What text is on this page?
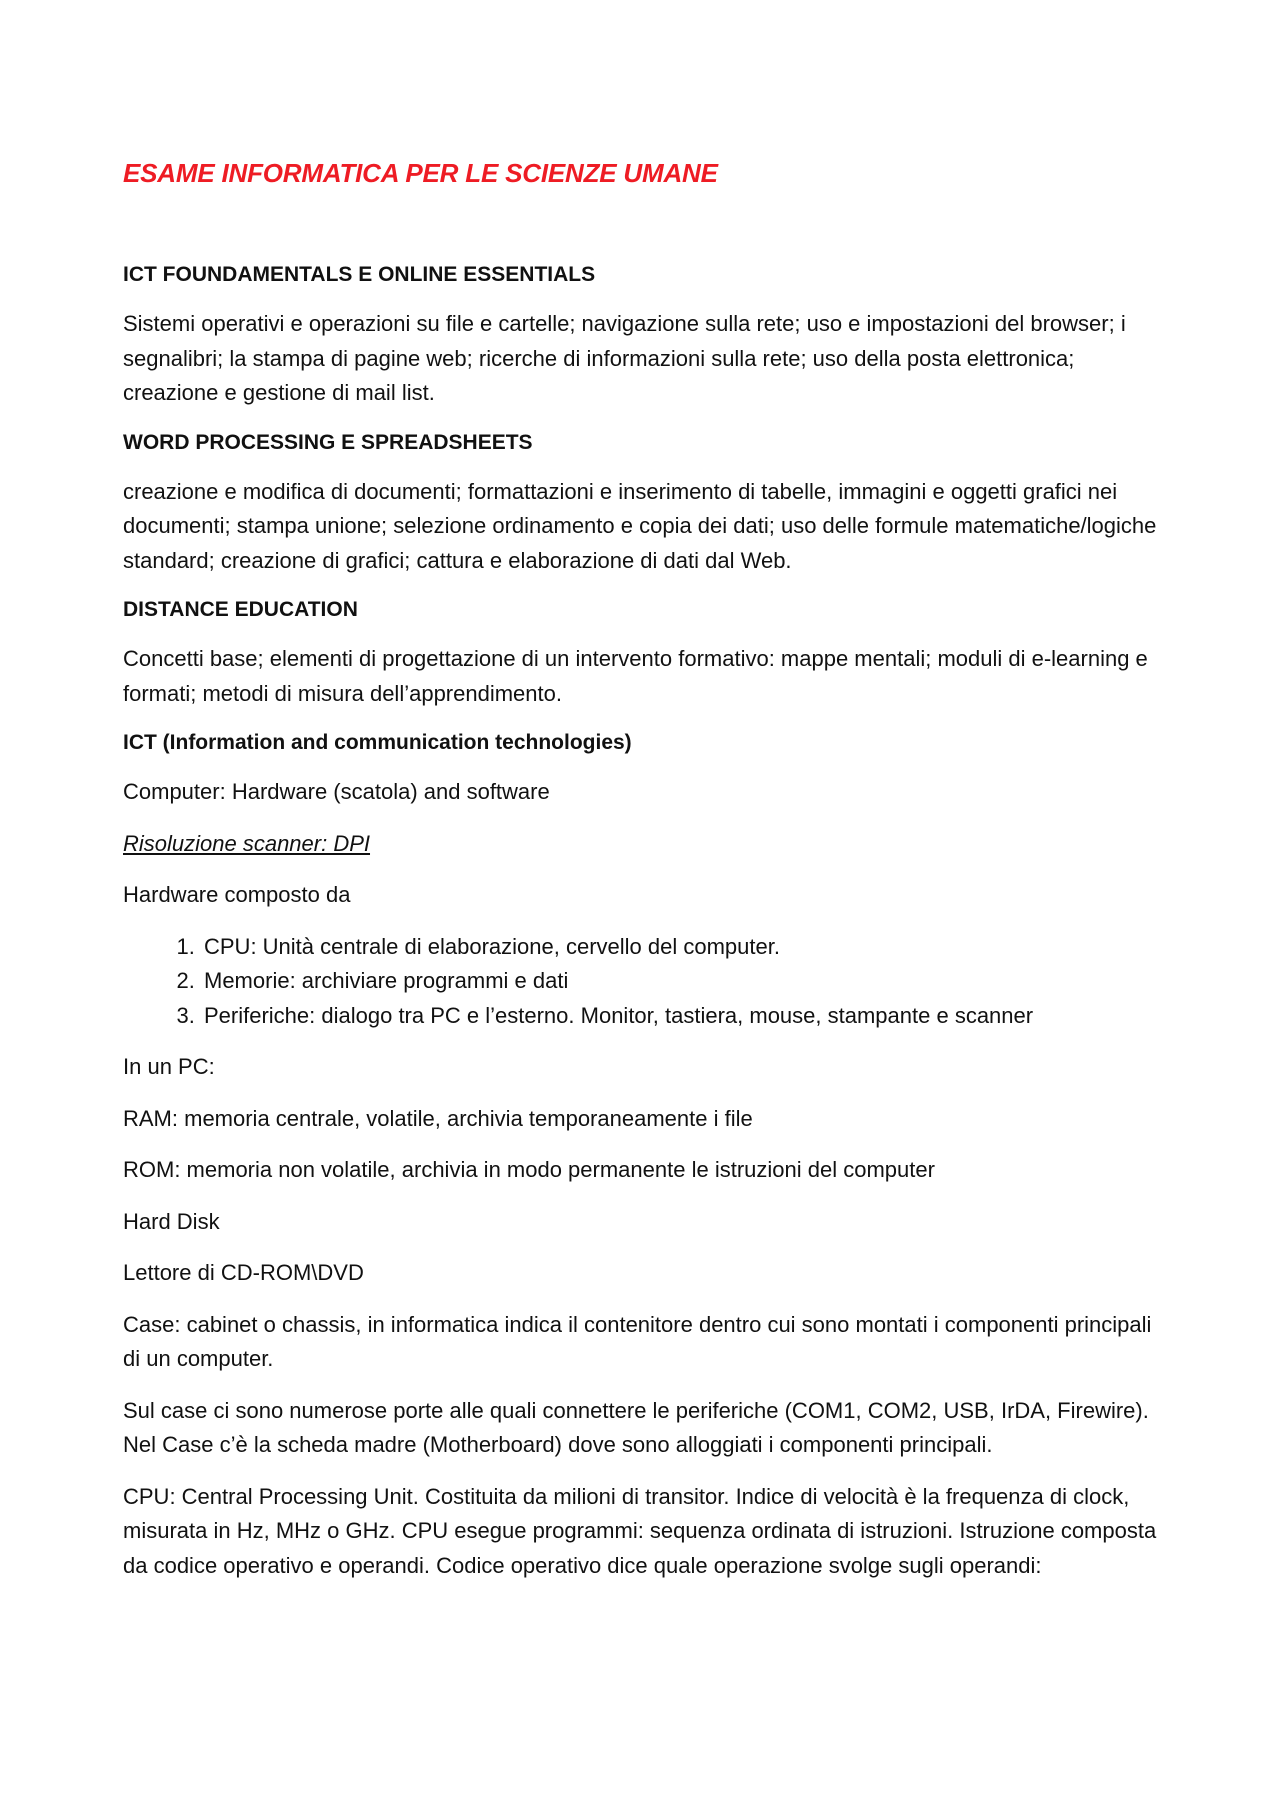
ESAME INFORMATICA PER LE SCIENZE UMANE
ICT FOUNDAMENTALS E ONLINE ESSENTIALS

Sistemi operativi e operazioni su file e cartelle; navigazione sulla rete; uso e impostazioni del browser; i segnalibri; la stampa di pagine web; ricerche di informazioni sulla rete; uso della posta elettronica; creazione e gestione di mail list.

WORD PROCESSING E SPREADSHEETS

creazione e modifica di documenti; formattazioni e inserimento di tabelle, immagini e oggetti grafici nei documenti; stampa unione; selezione ordinamento e copia dei dati; uso delle formule matematiche/logiche standard; creazione di grafici; cattura e elaborazione di dati dal Web.

DISTANCE EDUCATION

Concetti base; elementi di progettazione di un intervento formativo: mappe mentali; moduli di e-learning e formati; metodi di misura dell’apprendimento.

ICT (Information and communication technologies)

Computer: Hardware (scatola) and software

Risoluzione scanner: DPI

Hardware composto da

1. CPU: Unità centrale di elaborazione, cervello del computer.
2. Memorie: archiviare programmi e dati
3. Periferiche: dialogo tra PC e l’esterno. Monitor, tastiera, mouse, stampante e scanner

In un PC:

RAM: memoria centrale, volatile, archivia temporaneamente i file

ROM: memoria non volatile, archivia in modo permanente le istruzioni del computer

Hard Disk

Lettore di CD-ROM\DVD

Case: cabinet o chassis, in informatica indica il contenitore dentro cui sono montati i componenti principali di un computer.

Sul case ci sono numerose porte alle quali connettere le periferiche (COM1, COM2, USB, IrDA, Firewire). Nel Case c’è la scheda madre (Motherboard) dove sono alloggiati i componenti principali.

CPU: Central Processing Unit. Costituita da milioni di transitor. Indice di velocità è la frequenza di clock, misurata in Hz, MHz o GHz. CPU esegue programmi: sequenza ordinata di istruzioni. Istruzione composta da codice operativo e operandi. Codice operativo dice quale operazione svolge sugli operandi:
